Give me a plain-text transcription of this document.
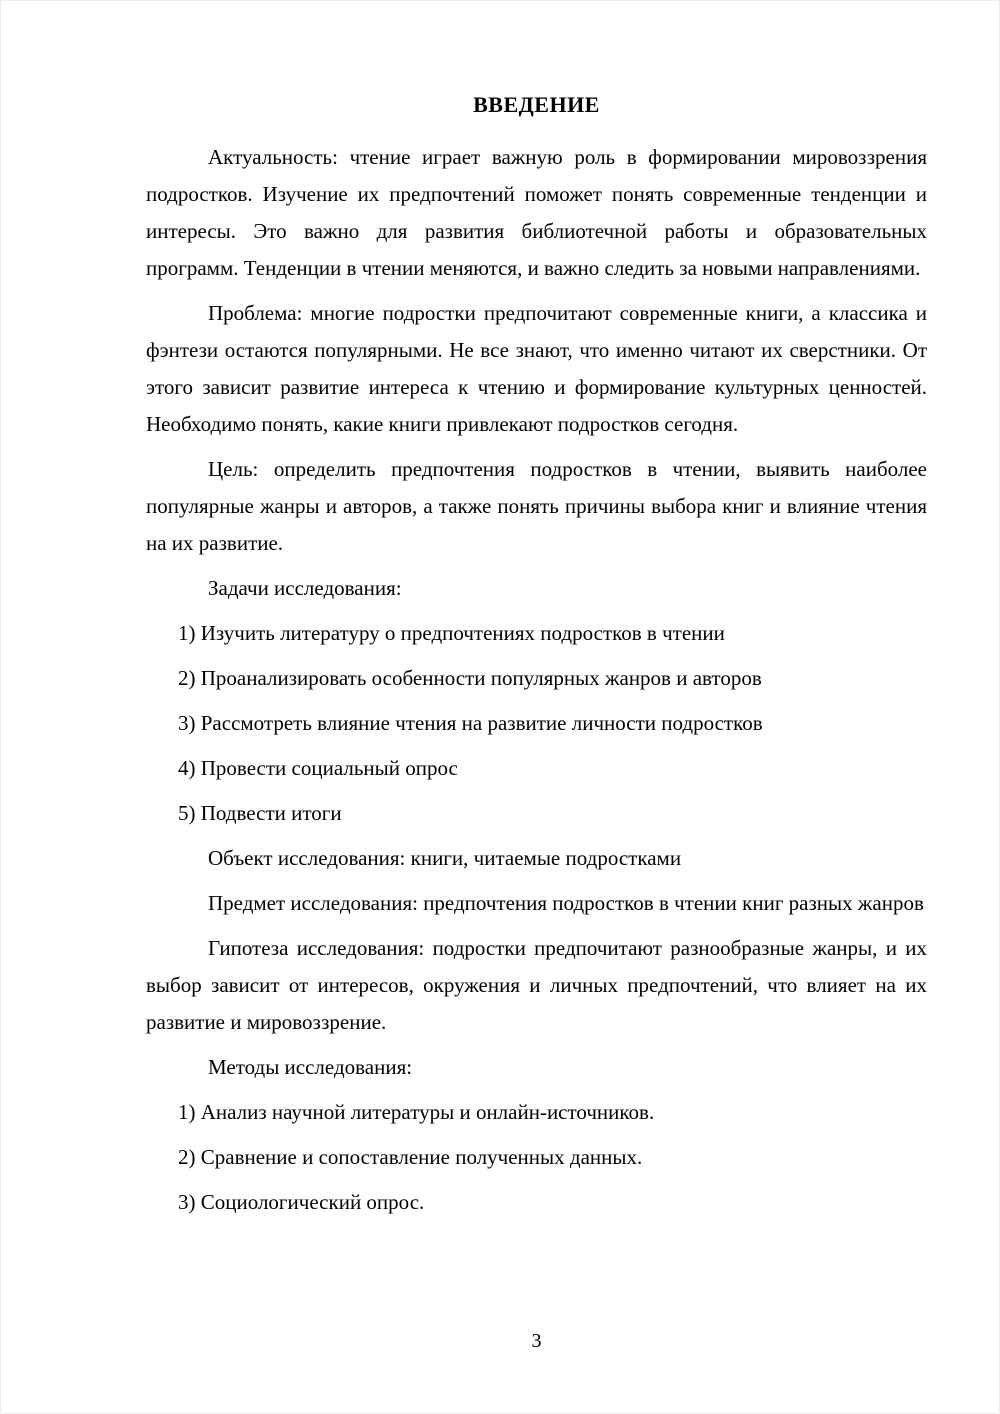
ВВЕДЕНИЕ

Актуальность: чтение играет важную роль в формировании мировоззрения подростков. Изучение их предпочтений поможет понять современные тенденции и интересы. Это важно для развития библиотечной работы и образовательных программ. Тенденции в чтении меняются, и важно следить за новыми направлениями.

Проблема: многие подростки предпочитают современные книги, а классика и фэнтези остаются популярными. Не все знают, что именно читают их сверстники. От этого зависит развитие интереса к чтению и формирование культурных ценностей. Необходимо понять, какие книги привлекают подростков сегодня.

Цель: определить предпочтения подростков в чтении, выявить наиболее популярные жанры и авторов, а также понять причины выбора книг и влияние чтения на их развитие.

Задачи исследования:

1) Изучить литературу о предпочтениях подростков в чтении

2) Проанализировать особенности популярных жанров и авторов

3) Рассмотреть влияние чтения на развитие личности подростков

4) Провести социальный опрос

5) Подвести итоги

Объект исследования: книги, читаемые подростками

Предмет исследования: предпочтения подростков в чтении книг разных жанров

Гипотеза исследования: подростки предпочитают разнообразные жанры, и их выбор зависит от интересов, окружения и личных предпочтений, что влияет на их развитие и мировоззрение.

Методы исследования:

1) Анализ научной литературы и онлайн-источников.

2) Сравнение и сопоставление полученных данных.

3) Социологический опрос.

3
